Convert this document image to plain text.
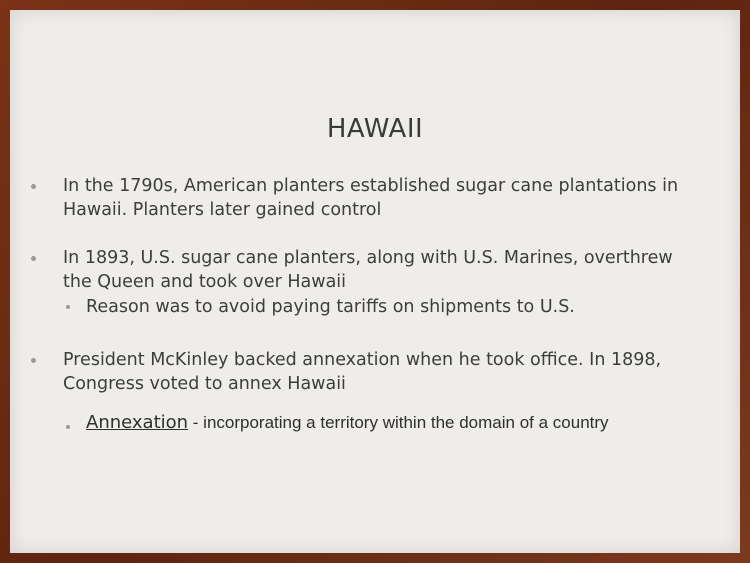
HAWAII
In the 1790s, American planters established sugar cane plantations in
Hawaii. Planters later gained control
In 1893, U.S. sugar cane planters, along with U.S. Marines, overthrew
the Queen and took over Hawaii
Reason was to avoid paying tariffs on shipments to U.S.
President McKinley backed annexation when he took office. In 1898,
Congress voted to annex Hawaii
Annexation - incorporating a territory within the domain of a country
